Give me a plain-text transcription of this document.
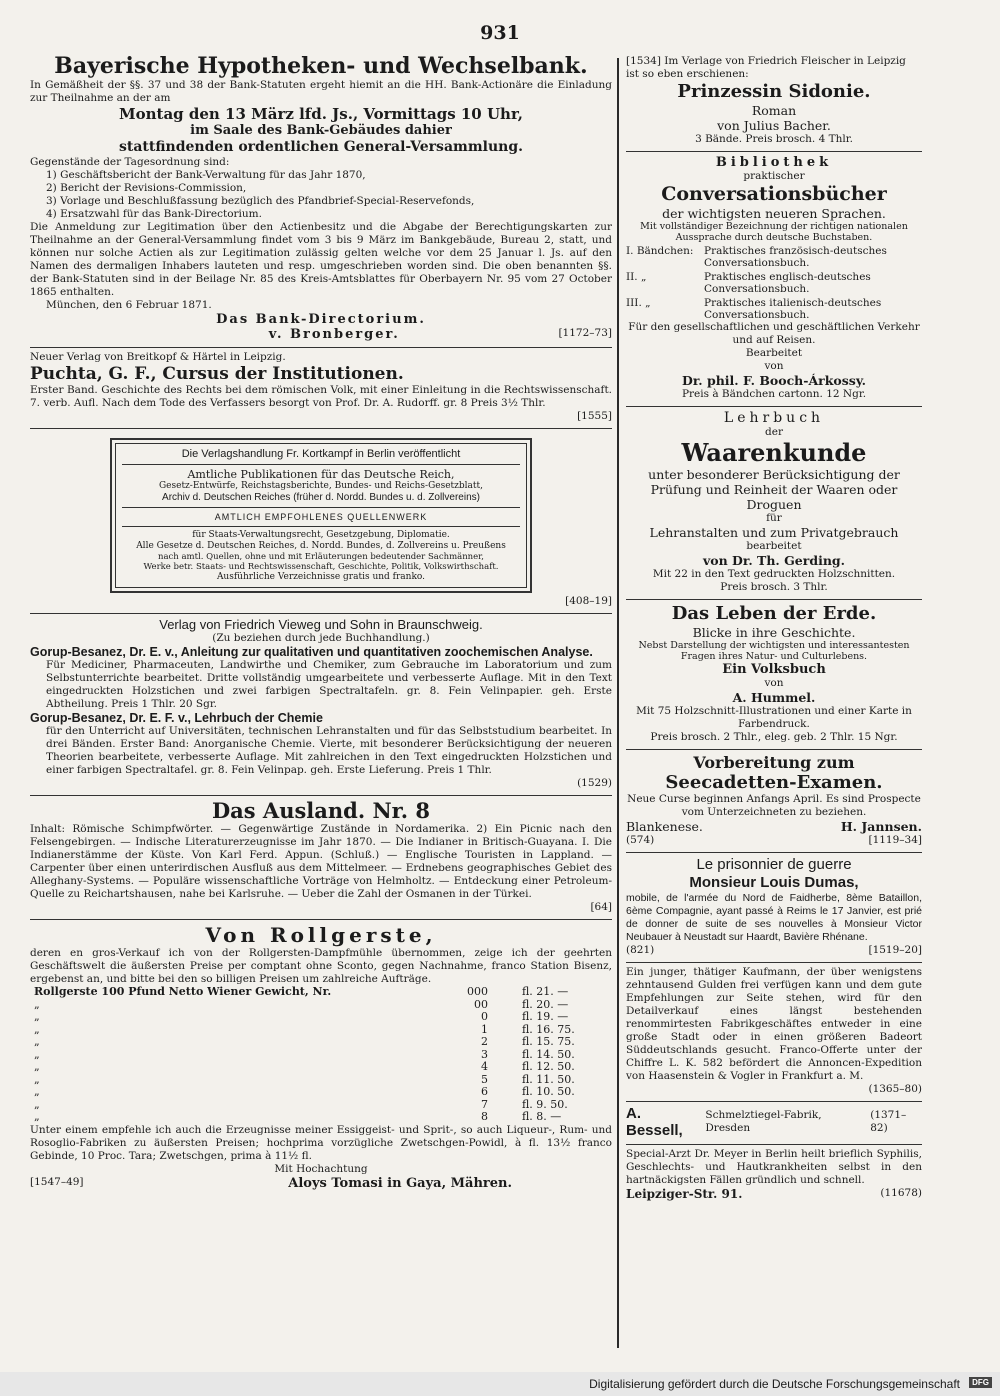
931
Bayerische Hypotheken- und Wechselbank.
In Gemäßheit der §§. 37 und 38 der Bank-Statuten ergeht hiemit an die HH. Bank-Actionäre die Einladung zur Theilnahme an der am
Montag den 13 März lfd. Js., Vormittags 10 Uhr,
im Saale des Bank-Gebäudes dahier
stattfindenden ordentlichen General-Versammlung.
Gegenstände der Tagesordnung sind:
1) Geschäftsbericht der Bank-Verwaltung für das Jahr 1870,
2) Bericht der Revisions-Commission,
3) Vorlage und Beschlußfassung bezüglich des Pfandbrief-Special-Reservefonds,
4) Ersatzwahl für das Bank-Directorium.
Die Anmeldung zur Legitimation über den Actienbesitz und die Abgabe der Berechtigungskarten zur Theilnahme an der General-Versammlung findet vom 3 bis 9 März im Bankgebäude, Bureau 2, statt, und können nur solche Actien als zur Legitimation zulässig gelten welche vor dem 25 Januar l. Js. auf den Namen des dermaligen Inhabers lauteten und resp. umgeschrieben worden sind. Die oben benannten §§. der Bank-Statuten sind in der Beilage Nr. 85 des Kreis-Amtsblattes für Oberbayern Nr. 95 vom 27 October 1865 enthalten.
München, den 6 Februar 1871.
Das Bank-Directorium.
v. Bronberger.	[1172–73]
Neuer Verlag von Breitkopf & Härtel in Leipzig.
Puchta, G. F., Cursus der Institutionen.
Erster Band. Geschichte des Rechts bei dem römischen Volk, mit einer Einleitung in die Rechtswissenschaft. 7. verb. Aufl. Nach dem Tode des Verfassers besorgt von Prof. Dr. A. Rudorff. gr. 8 Preis 3½ Thlr.
[1555]
Die Verlagshandlung Fr. Kortkampf in Berlin veröffentlicht
Amtliche Publikationen für das Deutsche Reich,
Gesetz-Entwürfe, Reichstagsberichte, Bundes- und Reichs-Gesetzblatt,
Archiv d. Deutschen Reiches (früher d. Nordd. Bundes u. d. Zollvereins)
AMTLICH EMPFOHLENES QUELLENWERK
für Staats-Verwaltungsrecht, Gesetzgebung, Diplomatie.
Alle Gesetze d. Deutschen Reiches, d. Nordd. Bundes, d. Zollvereins u. Preußens
nach amtl. Quellen, ohne und mit Erläuterungen bedeutender Sachmänner,
Werke betr. Staats- und Rechtswissenschaft, Geschichte, Politik, Volkswirthschaft.
Ausführliche Verzeichnisse gratis und franko.
[408–19]
Verlag von Friedrich Vieweg und Sohn in Braunschweig.
(Zu beziehen durch jede Buchhandlung.)
Gorup-Besanez, Dr. E. v., Anleitung zur qualitativen und quantitativen zoochemischen Analyse.
Für Mediciner, Pharmaceuten, Landwirthe und Chemiker, zum Gebrauche im Laboratorium und zum Selbstunterrichte bearbeitet. Dritte vollständig umgearbeitete und verbesserte Auflage. Mit in den Text eingedruckten Holzstichen und zwei farbigen Spectraltafeln. gr. 8. Fein Velinpapier. geh. Erste Abtheilung. Preis 1 Thlr. 20 Sgr.
Gorup-Besanez, Dr. E. F. v., Lehrbuch der Chemie
für den Unterricht auf Universitäten, technischen Lehranstalten und für das Selbststudium bearbeitet. In drei Bänden. Erster Band: Anorganische Chemie. Vierte, mit besonderer Berücksichtigung der neueren Theorien bearbeitete, verbesserte Auflage. Mit zahlreichen in den Text eingedruckten Holzstichen und einer farbigen Spectraltafel. gr. 8. Fein Velinpap. geh. Erste Lieferung. Preis 1 Thlr.
(1529)
Das Ausland. Nr. 8
Inhalt: Römische Schimpfwörter. — Gegenwärtige Zustände in Nordamerika. 2) Ein Picnic nach den Felsengebirgen. — Indische Literaturerzeugnisse im Jahr 1870. — Die Indianer in Britisch-Guayana. I. Die Indianerstämme der Küste. Von Karl Ferd. Appun. (Schluß.) — Englische Touristen in Lappland. — Carpenter über einen unterirdischen Ausfluß aus dem Mittelmeer. — Erdnebens geographisches Gebiet des Alleghany-Systems. — Populäre wissenschaftliche Vorträge von Helmholtz. — Entdeckung einer Petroleum-Quelle zu Reichartshausen, nahe bei Karlsruhe. — Ueber die Zahl der Osmanen in der Türkei.
[64]
Von Rollgerste,
deren en gros-Verkauf ich von der Rollgersten-Dampfmühle übernommen, zeige ich der geehrten Geschäftswelt die äußersten Preise per comptant ohne Sconto, gegen Nachnahme, franco Station Bisenz, ergebenst an, und bitte bei den so billigen Preisen um zahlreiche Aufträge.
Rollgerste 100 Pfund Netto Wiener Gewicht, Nr.	000	fl. 21. —
„	00	fl. 20. —
„	0	fl. 19. —
„	1	fl. 16. 75.
„	2	fl. 15. 75.
„	3	fl. 14. 50.
„	4	fl. 12. 50.
„	5	fl. 11. 50.
„	6	fl. 10. 50.
„	7	fl. 9. 50.
„	8	fl. 8. —
Unter einem empfehle ich auch die Erzeugnisse meiner Essiggeist- und Sprit-, so auch Liqueur-, Rum- und Rosoglio-Fabriken zu äußersten Preisen; hochprima vorzügliche Zwetschgen-Powidl, à fl. 13½ franco Gebinde, 10 Proc. Tara; Zwetschgen, prima à 11½ fl.
Mit Hochachtung
[1547–49]	Aloys Tomasi in Gaya, Mähren.
[1534] Im Verlage von Friedrich Fleischer in Leipzig ist so eben erschienen:
Prinzessin Sidonie.
Roman
von Julius Bacher.
3 Bände. Preis brosch. 4 Thlr.
Bibliothek
praktischer
Conversationsbücher
der wichtigsten neueren Sprachen.
Mit vollständiger Bezeichnung der richtigen nationalen Aussprache durch deutsche Buchstaben.
I. Bändchen:	Praktisches französisch-deutsches Conversationsbuch.
II. „	Praktisches englisch-deutsches Conversationsbuch.
III. „	Praktisches italienisch-deutsches Conversationsbuch.
Für den gesellschaftlichen und geschäftlichen Verkehr und auf Reisen.
Bearbeitet
von
Dr. phil. F. Booch-Árkossy.
Preis à Bändchen cartonn. 12 Ngr.
Lehrbuch
der
Waarenkunde
unter besonderer Berücksichtigung der Prüfung und Reinheit der Waaren oder Droguen
für
Lehranstalten und zum Privatgebrauch
bearbeitet
von Dr. Th. Gerding.
Mit 22 in den Text gedruckten Holzschnitten.
Preis brosch. 3 Thlr.
Das Leben der Erde.
Blicke in ihre Geschichte.
Nebst Darstellung der wichtigsten und interessantesten Fragen ihres Natur- und Culturlebens.
Ein Volksbuch
von
A. Hummel.
Mit 75 Holzschnitt-Illustrationen und einer Karte in Farbendruck.
Preis brosch. 2 Thlr., eleg. geb. 2 Thlr. 15 Ngr.
Vorbereitung zum
Seecadetten-Examen.
Neue Curse beginnen Anfangs April. Es sind Prospecte vom Unterzeichneten zu beziehen.
Blankenese.	H. Jannsen.
(574)	[1119–34]
Le prisonnier de guerre
Monsieur Louis Dumas,
mobile, de l'armée du Nord de Faidherbe, 8ème Bataillon, 6ème Compagnie, ayant passé à Reims le 17 Janvier, est prié de donner de suite de ses nouvelles à Monsieur Victor Neubauer à Neustadt sur Haardt, Bavière Rhénane.
(821)	[1519–20]
Ein junger, thätiger Kaufmann, der über wenigstens zehntausend Gulden frei verfügen kann und dem gute Empfehlungen zur Seite stehen, wird für den Detailverkauf eines längst bestehenden renommirtesten Fabrikgeschäftes entweder in eine große Stadt oder in einen größeren Badeort Süddeutschlands gesucht. Franco-Offerte unter der Chiffre L. K. 582 befördert die Annoncen-Expedition von Haasenstein & Vogler in Frankfurt a. M.
(1365–80)
A. Bessell,
Schmelztiegel-Fabrik, Dresden
(1371–82)
Special-Arzt Dr. Meyer in Berlin heilt brieflich Syphilis, Geschlechts- und Hautkrankheiten selbst in den hartnäckigsten Fällen gründlich und schnell.
Leipziger-Str. 91.	(11678)
Digitalisierung gefördert durch die Deutsche Forschungsgemeinschaft	DFG
